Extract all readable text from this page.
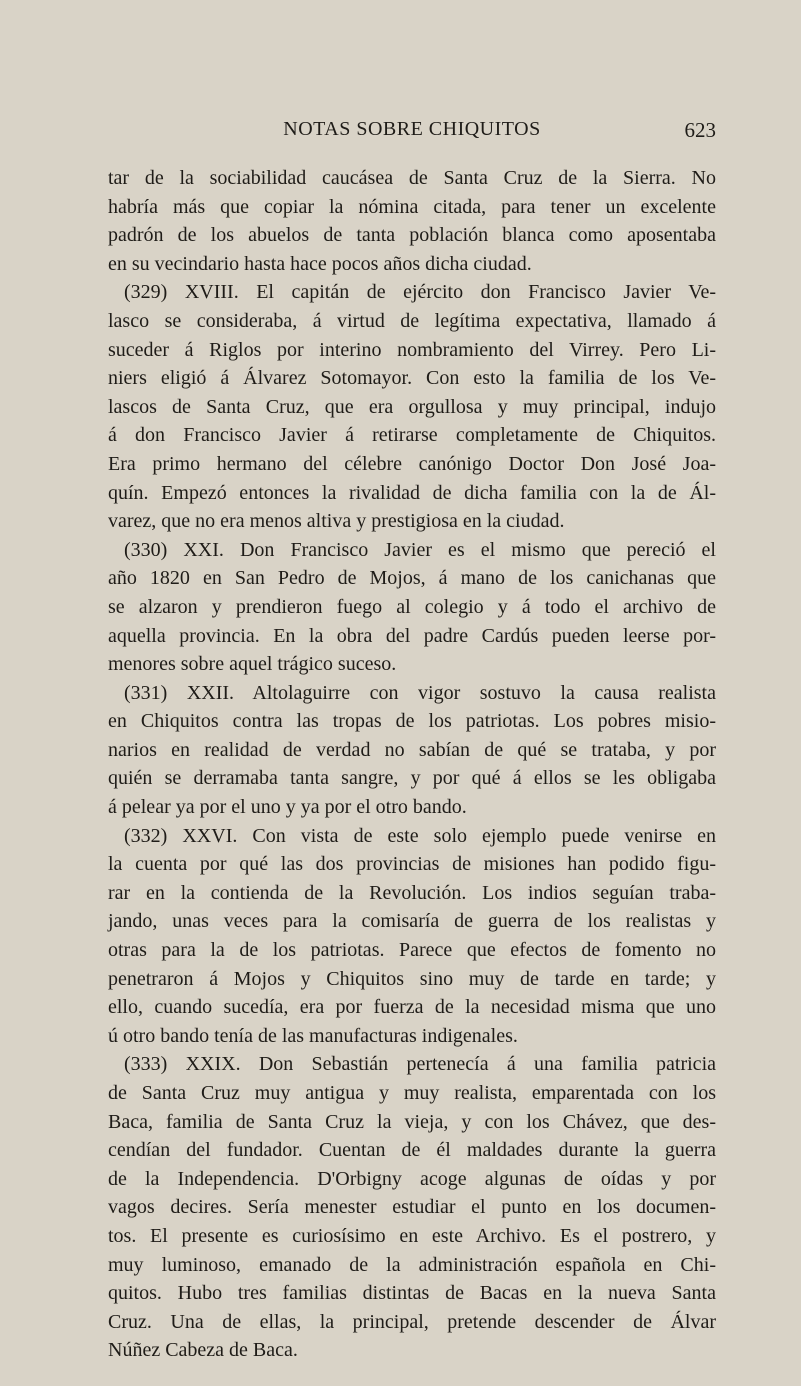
NOTAS SOBRE CHIQUITOS	623
tar de la sociabilidad caucásea de Santa Cruz de la Sierra. No
habría más que copiar la nómina citada, para tener un excelente
padrón de los abuelos de tanta población blanca como aposentaba
en su vecindario hasta hace pocos años dicha ciudad.
(329) XVIII. El capitán de ejército don Francisco Javier Ve-
lasco se consideraba, á virtud de legítima expectativa, llamado á
suceder á Riglos por interino nombramiento del Virrey. Pero Li-
niers eligió á Álvarez Sotomayor. Con esto la familia de los Ve-
lascos de Santa Cruz, que era orgullosa y muy principal, indujo
á don Francisco Javier á retirarse completamente de Chiquitos.
Era primo hermano del célebre canónigo Doctor Don José Joa-
quín. Empezó entonces la rivalidad de dicha familia con la de Ál-
varez, que no era menos altiva y prestigiosa en la ciudad.
(330) XXI. Don Francisco Javier es el mismo que pereció el
año 1820 en San Pedro de Mojos, á mano de los canichanas que
se alzaron y prendieron fuego al colegio y á todo el archivo de
aquella provincia. En la obra del padre Cardús pueden leerse por-
menores sobre aquel trágico suceso.
(331) XXII. Altolaguirre con vigor sostuvo la causa realista
en Chiquitos contra las tropas de los patriotas. Los pobres misio-
narios en realidad de verdad no sabían de qué se trataba, y por
quién se derramaba tanta sangre, y por qué á ellos se les obligaba
á pelear ya por el uno y ya por el otro bando.
(332) XXVI. Con vista de este solo ejemplo puede venirse en
la cuenta por qué las dos provincias de misiones han podido figu-
rar en la contienda de la Revolución. Los indios seguían traba-
jando, unas veces para la comisaría de guerra de los realistas y
otras para la de los patriotas. Parece que efectos de fomento no
penetraron á Mojos y Chiquitos sino muy de tarde en tarde; y
ello, cuando sucedía, era por fuerza de la necesidad misma que uno
ú otro bando tenía de las manufacturas indigenales.
(333) XXIX. Don Sebastián pertenecía á una familia patricia
de Santa Cruz muy antigua y muy realista, emparentada con los
Baca, familia de Santa Cruz la vieja, y con los Chávez, que des-
cendían del fundador. Cuentan de él maldades durante la guerra
de la Independencia. D'Orbigny acoge algunas de oídas y por
vagos decires. Sería menester estudiar el punto en los documen-
tos. El presente es curiosísimo en este Archivo. Es el postrero, y
muy luminoso, emanado de la administración española en Chi-
quitos. Hubo tres familias distintas de Bacas en la nueva Santa
Cruz. Una de ellas, la principal, pretende descender de Álvar
Núñez Cabeza de Baca.
